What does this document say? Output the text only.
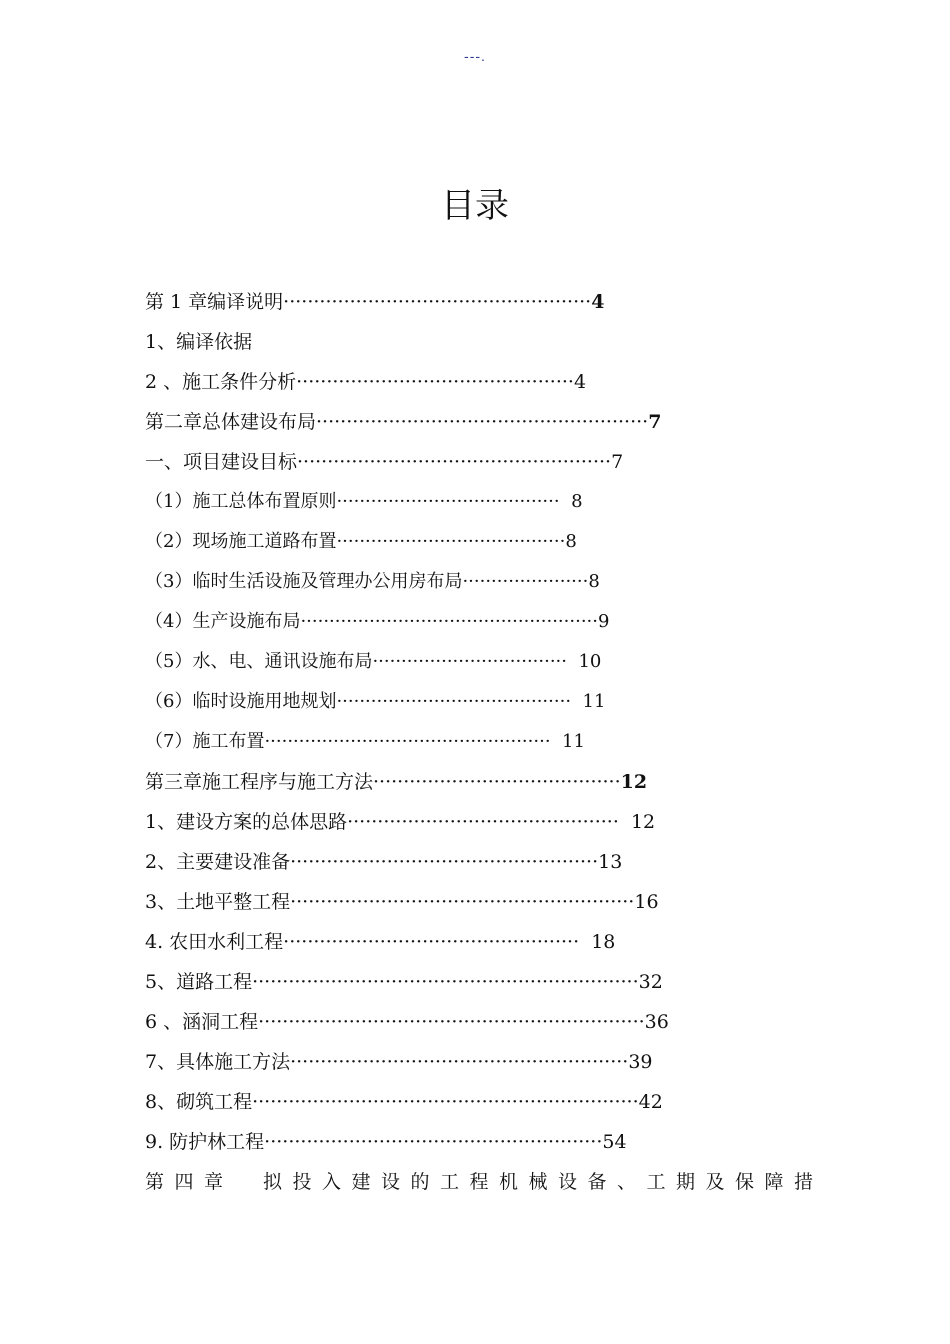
---.
目录
第 1 章编译说明···················································4
1、编译依据
2 、施工条件分析··············································4
第二章总体建设布局·······················································7
一、项目建设目标····················································7
（1）施工总体布置原则······································· 8
（2）现场施工道路布置········································8
（3）临时生活设施及管理办公用房布局······················8
（4）生产设施布局····················································9
（5）水、电、通讯设施布局·································· 10
（6）临时设施用地规划········································· 11
（7）施工布置·················································· 11
第三章施工程序与施工方法·········································12
1、建设方案的总体思路············································· 12
2、主要建设准备···················································13
3、土地平整工程·························································16
4. 农田水利工程················································· 18
5、道路工程································································32
6 、涵洞工程································································36
7、具体施工方法························································39
8、砌筑工程································································42
9. 防护林工程························································54
第四章　拟投入建设的工程机械设备、工期及保障措
